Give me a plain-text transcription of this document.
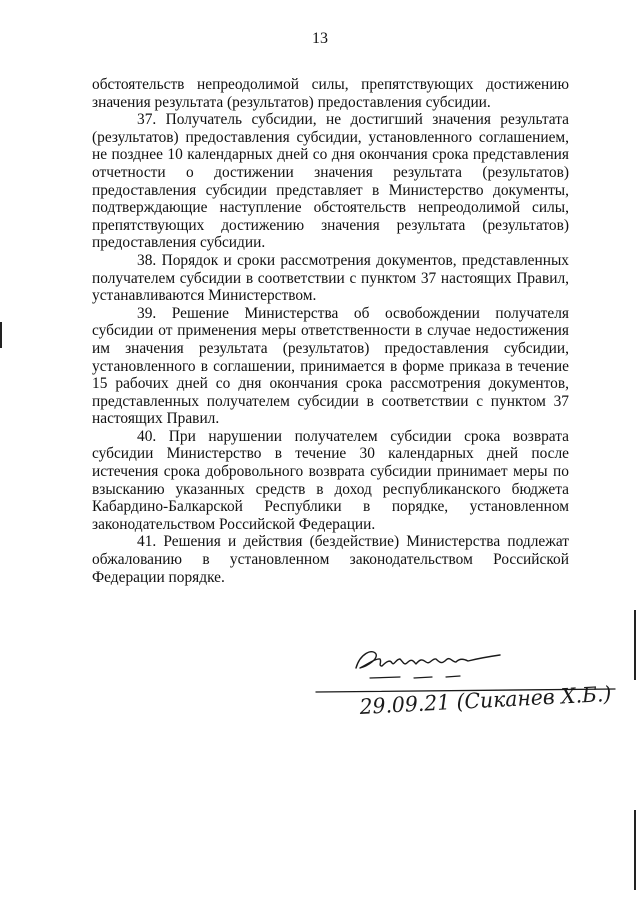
13

обстоятельств непреодолимой силы, препятствующих достижению значения результата (результатов) предоставления субсидии.

37. Получатель субсидии, не достигший значения результата (результатов) предоставления субсидии, установленного соглашением, не позднее 10 календарных дней со дня окончания срока представления отчетности о достижении значения результата (результатов) предоставления субсидии представляет в Министерство документы, подтверждающие наступление обстоятельств непреодолимой силы, препятствующих достижению значения результата (результатов) предоставления субсидии.

38. Порядок и сроки рассмотрения документов, представленных получателем субсидии в соответствии с пунктом 37 настоящих Правил, устанавливаются Министерством.

39. Решение Министерства об освобождении получателя субсидии от применения меры ответственности в случае недостижения им значения результата (результатов) предоставления субсидии, установленного в соглашении, принимается в форме приказа в течение 15 рабочих дней со дня окончания срока рассмотрения документов, представленных получателем субсидии в соответствии с пунктом 37 настоящих Правил.

40. При нарушении получателем субсидии срока возврата субсидии Министерство в течение 30 календарных дней после истечения срока добровольного возврата субсидии принимает меры по взысканию указанных средств в доход республиканского бюджета Кабардино-Балкарской Республики в порядке, установленном законодательством Российской Федерации.

41. Решения и действия (бездействие) Министерства подлежат обжалованию в установленном законодательством Российской Федерации порядке.

29.09.21 (Сиканев Х.Б.)
